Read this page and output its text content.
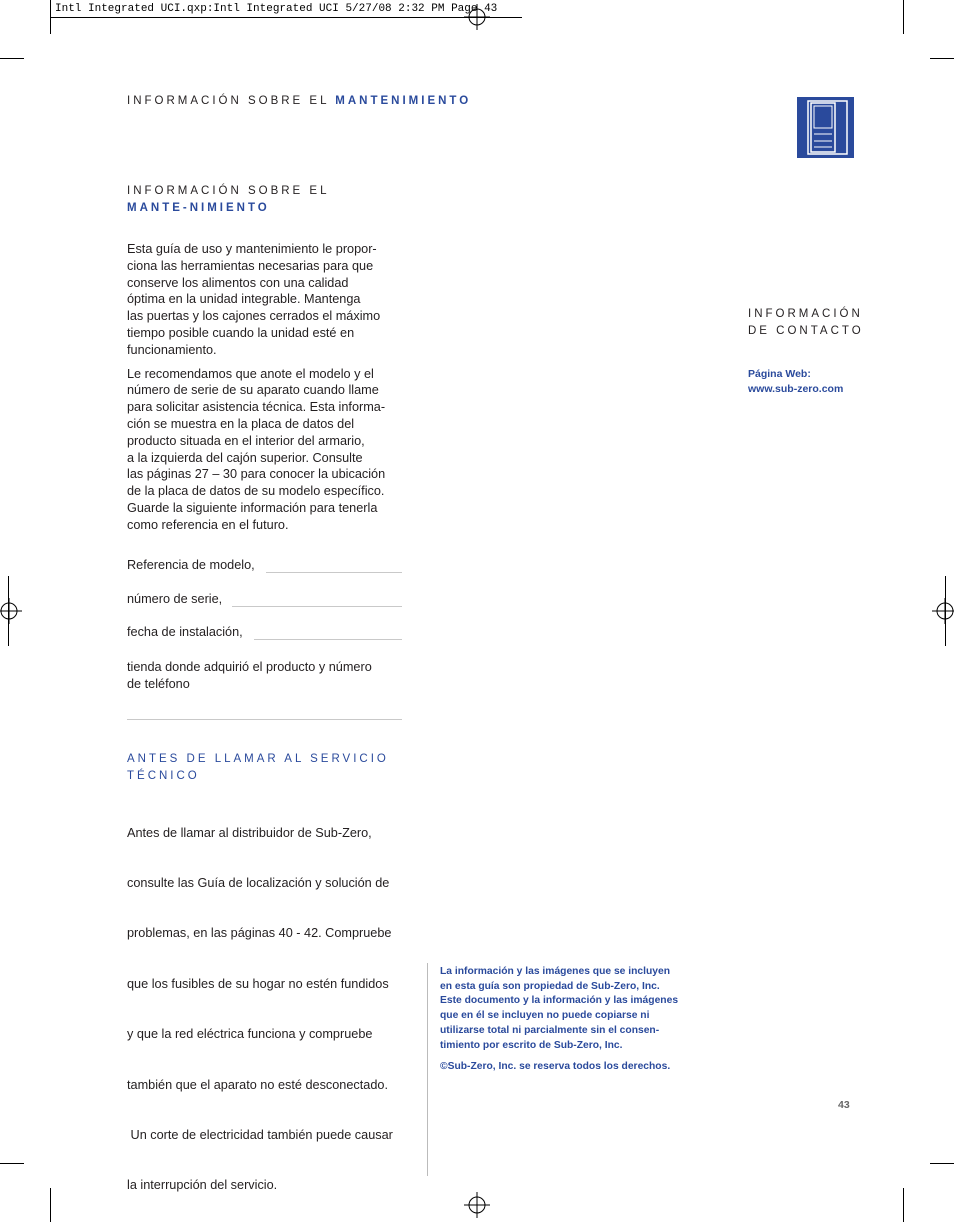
Intl Integrated UCI.qxp:Intl Integrated UCI 5/27/08 2:32 PM Page 43
INFORMACIÓN SOBRE EL MANTENIMIENTO
INFORMACIÓN SOBRE EL
MANTE-NIMIENTO

Esta guía de uso y mantenimiento le propor-
ciona las herramientas necesarias para que
conserve los alimentos con una calidad
óptima en la unidad integrable. Mantenga
las puertas y los cajones cerrados el máximo
tiempo posible cuando la unidad esté en
funcionamiento.

Le recomendamos que anote el modelo y el
número de serie de su aparato cuando llame
para solicitar asistencia técnica. Esta informa-
ción se muestra en la placa de datos del
producto situada en el interior del armario,
a la izquierda del cajón superior. Consulte
las páginas 27 – 30 para conocer la ubicación
de la placa de datos de su modelo específico.
Guarde la siguiente información para tenerla
como referencia en el futuro.

Referencia de modelo,
número de serie,
fecha de instalación,
tienda donde adquirió el producto y número
de teléfono
ANTES DE LLAMAR AL SERVICIO
TÉCNICO

Antes de llamar al distribuidor de Sub-Zero,

consulte las Guía de localización y solución de

problemas, en las páginas 40 - 42. Compruebe

que los fusibles de su hogar no estén fundidos

y que la red eléctrica funciona y compruebe

también que el aparato no esté desconectado.

Un corte de electricidad también puede causar

la interrupción del servicio.

INFORMACIÓN
DE CONTACTO
Página Web:
www.sub-zero.com

La información y las imágenes que se incluyen
en esta guía son propiedad de Sub-Zero, Inc.
Este documento y la información y las imágenes
que en él se incluyen no puede copiarse ni
utilizarse total ni parcialmente sin el consen-
timiento por escrito de Sub-Zero, Inc.

©Sub-Zero, Inc. se reserva todos los derechos.

43
